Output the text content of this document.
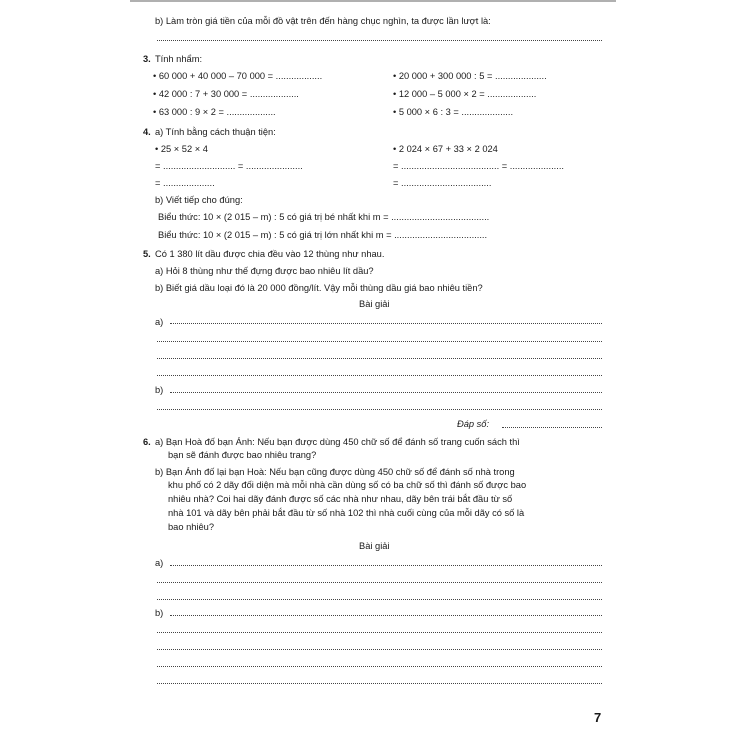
b) Làm tròn giá tiền của mỗi đồ vật trên đến hàng chục nghìn, ta được lần lượt là:
3. Tính nhẩm:
• 60 000 + 40 000 – 70 000 = ..................	• 20 000 + 300 000 : 5 = ....................
• 42 000 : 7 + 30 000 = ...................	• 12 000 – 5 000 × 2 = ...................
• 63 000 : 9 × 2 = ...................	• 5 000 × 6 : 3 = ....................
4. a) Tính bằng cách thuận tiện:
• 25 × 52 × 4	• 2 024 × 67 + 33 × 2 024
= ............................ = ......................	= ...................................... = .....................
= ....................	= ...................................
b) Viết tiếp cho đúng:
Biểu thức: 10 × (2 015 – m) : 5 có giá trị bé nhất khi m = ......................................
Biểu thức: 10 × (2 015 – m) : 5 có giá trị lớn nhất khi m = ....................................
5. Có 1 380 lít dầu được chia đều vào 12 thùng như nhau.
a) Hỏi 8 thùng như thế đựng được bao nhiêu lít dầu?
b) Biết giá dầu loại đó là 20 000 đồng/lít. Vậy mỗi thùng dầu giá bao nhiêu tiền?
Bài giải
a)
b)
Đáp số:
6. a) Bạn Hoà đố bạn Ánh: Nếu bạn được dùng 450 chữ số để đánh số trang cuốn sách thì
bạn sẽ đánh được bao nhiêu trang?
b) Bạn Ánh đố lại bạn Hoà: Nếu bạn cũng được dùng 450 chữ số để đánh số nhà trong
khu phố có 2 dãy đối diện mà mỗi nhà cần dùng số có ba chữ số thì đánh số được bao
nhiêu nhà? Coi hai dãy đánh được số các nhà như nhau, dãy bên trái bắt đầu từ số
nhà 101 và dãy bên phải bắt đầu từ số nhà 102 thì nhà cuối cùng của mỗi dãy có số là
bao nhiêu?
Bài giải
a)
b)
7
